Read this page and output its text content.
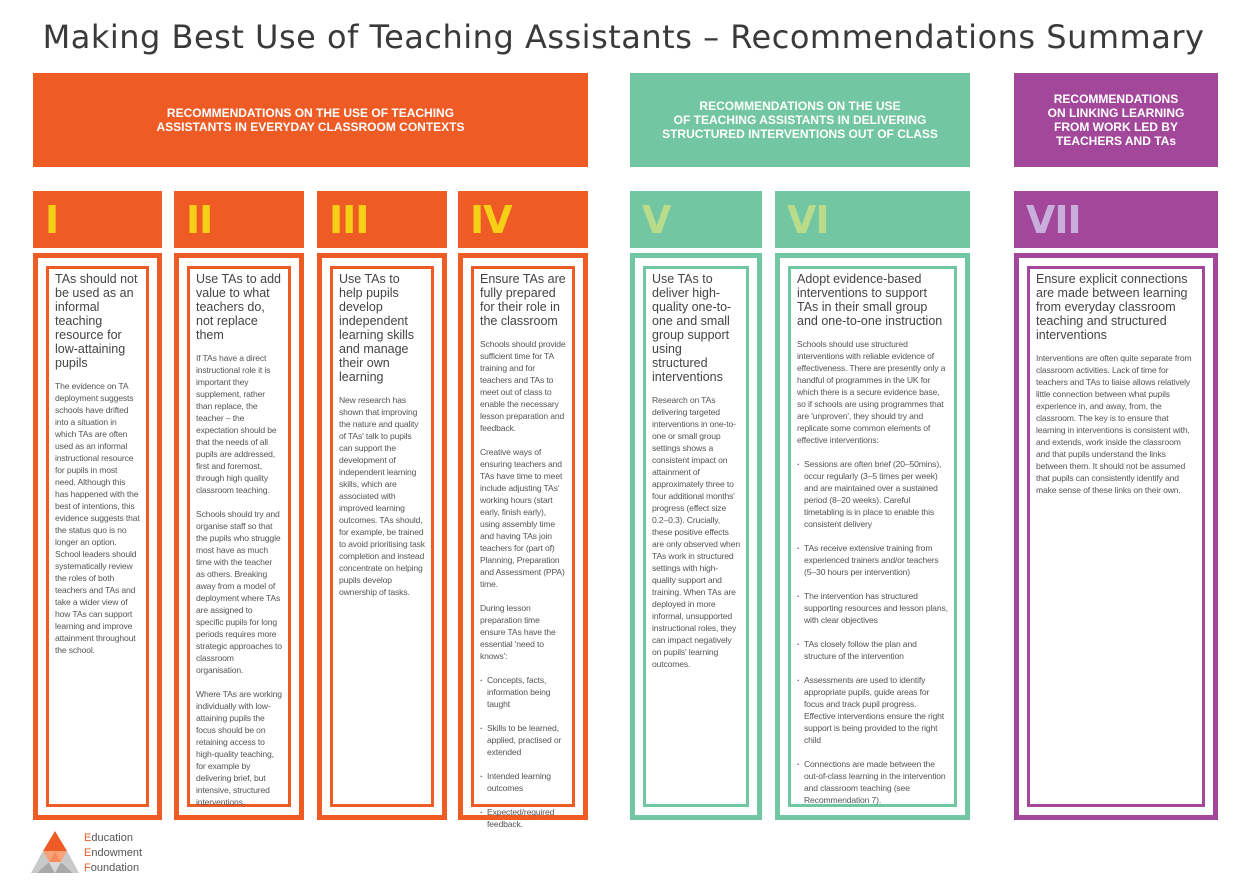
Making Best Use of Teaching Assistants – Recommendations Summary
RECOMMENDATIONS ON THE USE OF TEACHING
ASSISTANTS IN EVERYDAY CLASSROOM CONTEXTS
RECOMMENDATIONS ON THE USE
OF TEACHING ASSISTANTS IN DELIVERING
STRUCTURED INTERVENTIONS OUT OF CLASS
RECOMMENDATIONS
ON LINKING LEARNING
FROM WORK LED BY
TEACHERS AND TAs
I	II	III	IV	V	VI	VII
TAs should not be used as an informal teaching resource for low-attaining pupils
The evidence on TA deployment suggests schools have drifted into a situation in which TAs are often used as an informal instructional resource for pupils in most need. Although this has happened with the best of intentions, this evidence suggests that the status quo is no longer an option. School leaders should systematically review the roles of both teachers and TAs and take a wider view of how TAs can support learning and improve attainment throughout the school.
Use TAs to add value to what teachers do, not replace them
If TAs have a direct instructional role it is important they supplement, rather than replace, the teacher – the expectation should be that the needs of all pupils are addressed, first and foremost, through high quality classroom teaching.
Schools should try and organise staff so that the pupils who struggle most have as much time with the teacher as others. Breaking away from a model of deployment where TAs are assigned to specific pupils for long periods requires more strategic approaches to classroom organisation.
Where TAs are working individually with low-attaining pupils the focus should be on retaining access to high-quality teaching, for example by delivering brief, but intensive, structured interventions.
Use TAs to help pupils develop independent learning skills and manage their own learning
New research has shown that improving the nature and quality of TAs' talk to pupils can support the development of independent learning skills, which are associated with improved learning outcomes. TAs should, for example, be trained to avoid prioritising task completion and instead concentrate on helping pupils develop ownership of tasks.
Ensure TAs are fully prepared for their role in the classroom
Schools should provide sufficient time for TA training and for teachers and TAs to meet out of class to enable the necessary lesson preparation and feedback.
Creative ways of ensuring teachers and TAs have time to meet include adjusting TAs' working hours (start early, finish early), using assembly time and having TAs join teachers for (part of) Planning, Preparation and Assessment (PPA) time.
During lesson preparation time ensure TAs have the essential 'need to knows':
· Concepts, facts, information being taught
· Skills to be learned, applied, practised or extended
· Intended learning outcomes
· Expected/required feedback.
Use TAs to deliver high-quality one-to-one and small group support using structured interventions
Research on TAs delivering targeted interventions in one-to-one or small group settings shows a consistent impact on attainment of approximately three to four additional months' progress (effect size 0.2–0.3). Crucially, these positive effects are only observed when TAs work in structured settings with high-quality support and training. When TAs are deployed in more informal, unsupported instructional roles, they can impact negatively on pupils' learning outcomes.
Adopt evidence-based interventions to support TAs in their small group and one-to-one instruction
Schools should use structured interventions with reliable evidence of effectiveness. There are presently only a handful of programmes in the UK for which there is a secure evidence base, so if schools are using programmes that are 'unproven', they should try and replicate some common elements of effective interventions:
· Sessions are often brief (20–50mins), occur regularly (3–5 times per week) and are maintained over a sustained period (8–20 weeks). Careful timetabling is in place to enable this consistent delivery
· TAs receive extensive training from experienced trainers and/or teachers (5–30 hours per intervention)
· The intervention has structured supporting resources and lesson plans, with clear objectives
· TAs closely follow the plan and structure of the intervention
· Assessments are used to identify appropriate pupils, guide areas for focus and track pupil progress. Effective interventions ensure the right support is being provided to the right child
· Connections are made between the out-of-class learning in the intervention and classroom teaching (see Recommendation 7).
Ensure explicit connections are made between learning from everyday classroom teaching and structured interventions
Interventions are often quite separate from classroom activities. Lack of time for teachers and TAs to liaise allows relatively little connection between what pupils experience in, and away, from, the classroom. The key is to ensure that learning in interventions is consistent with, and extends, work inside the classroom and that pupils understand the links between them. It should not be assumed that pupils can consistently identify and make sense of these links on their own.
Education
Endowment
Foundation
